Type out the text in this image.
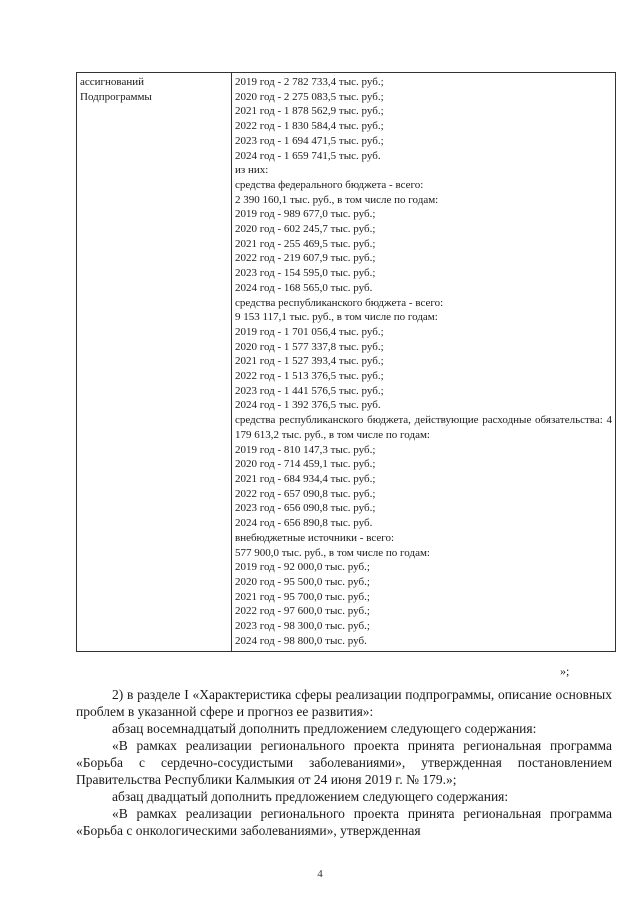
ассигнований
Подпрограммы

2019 год - 2 782 733,4 тыс. руб.;
2020 год - 2 275 083,5 тыс. руб.;
2021 год - 1 878 562,9 тыс. руб.;
2022 год - 1 830 584,4 тыс. руб.;
2023 год - 1 694 471,5 тыс. руб.;
2024 год - 1 659 741,5 тыс. руб.
из них:
средства федерального бюджета - всего:
2 390 160,1 тыс. руб., в том числе по годам:
2019 год - 989 677,0 тыс. руб.;
2020 год - 602 245,7 тыс. руб.;
2021 год - 255 469,5 тыс. руб.;
2022 год - 219 607,9 тыс. руб.;
2023 год - 154 595,0 тыс. руб.;
2024 год - 168 565,0 тыс. руб.
средства республиканского бюджета - всего:
9 153 117,1 тыс. руб., в том числе по годам:
2019 год - 1 701 056,4 тыс. руб.;
2020 год - 1 577 337,8 тыс. руб.;
2021 год - 1 527 393,4 тыс. руб.;
2022 год - 1 513 376,5 тыс. руб.;
2023 год - 1 441 576,5 тыс. руб.;
2024 год - 1 392 376,5 тыс. руб.
средства республиканского бюджета, действующие расходные обязательства: 4 179 613,2 тыс. руб., в том числе по годам:
2019 год - 810 147,3 тыс. руб.;
2020 год - 714 459,1 тыс. руб.;
2021 год - 684 934,4 тыс. руб.;
2022 год - 657 090,8 тыс. руб.;
2023 год - 656 090,8 тыс. руб.;
2024 год - 656 890,8 тыс. руб.
внебюджетные источники - всего:
577 900,0 тыс. руб., в том числе по годам:
2019 год - 92 000,0 тыс. руб.;
2020 год - 95 500,0 тыс. руб.;
2021 год - 95 700,0 тыс. руб.;
2022 год - 97 600,0 тыс. руб.;
2023 год - 98 300,0 тыс. руб.;
2024 год - 98 800,0 тыс. руб.
»;

2) в разделе I «Характеристика сферы реализации подпрограммы, описание основных проблем в указанной сфере и прогноз ее развития»:

абзац восемнадцатый дополнить предложением следующего содержания:

«В рамках реализации регионального проекта принята региональная программа «Борьба с сердечно-сосудистыми заболеваниями», утвержденная постановлением Правительства Республики Калмыкия от 24 июня 2019 г. № 179.»;

абзац двадцатый дополнить предложением следующего содержания:

«В рамках реализации регионального проекта принята региональная программа «Борьба с онкологическими заболеваниями», утвержденная

4
